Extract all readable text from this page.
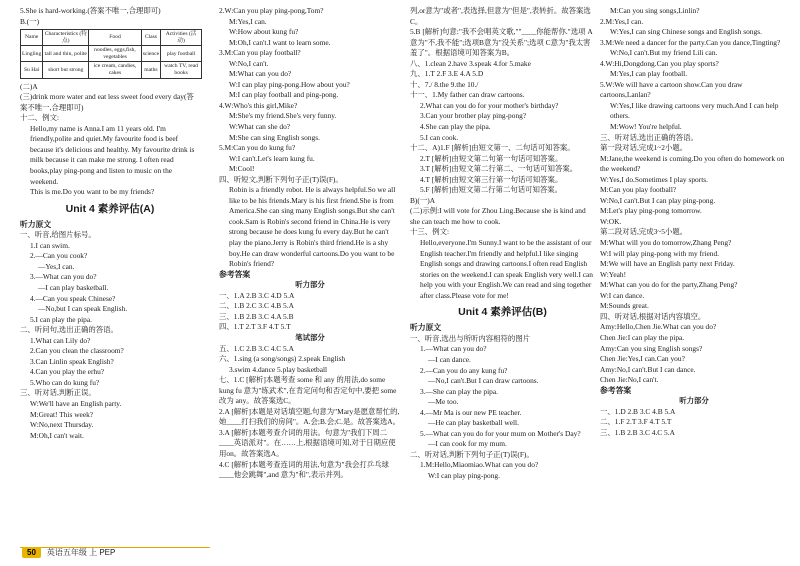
5.She is hard-working.(答案不唯一,合理即可)

B.(一)

Name	Characteristics (特点)	Food	Class	Activities (活动)
Lingling	tall and thin, polite	noodles, eggs,fish, vegetables	science	play football
Su Hai	short but strong	ice cream, candies, cakes	maths	watch TV, read books

(二)A

(三)drink more water and eat less sweet food every day(答案不唯一,合理即可)

十二、例文:

Hello,my name is Anna.I am 11 years old. I'm friendly,polite and quiet.My favourite food is beef because it's delicious and healthy. My favourite drink is milk because it can make me strong. I often read books,play ping-pong and listen to music on the weekend.

This is me.Do you want to be my friends?

Unit 4 素养评估(A)

听力原文

一、听音,给图片标号。

1.I can swim.

2.—Can you cook?

—Yes,I can.

3.—What can you do?

—I can play basketball.

4.—Can you speak Chinese?

—No,but I can speak English.

5.I can play the pipa.

二、听问句,选出正确的答语。

1.What can Lily do?

2.Can you clean the classroom?

3.Can Linlin speak English?

4.Can you play the erhu?

5.Who can do kung fu?

三、听对话,判断正误。

W:We'll have an English party.

M:Great! This week?

W:No,next Thursday.

M:Oh,I can't wait.

2.W:Can you play ping-pong,Tom?

M:Yes,I can.

W:How about kung fu?

M:Oh,I can't.I want to learn some.

3.M:Can you play football?

W:No,I can't.

M:What can you do?

W:I can play ping-pong.How about you?

M:I can play football and ping-pong.

4.W:Who's this girl,Mike?

M:She's my friend.She's very funny.

W:What can she do?

M:She can sing English songs.

5.M:Can you do kung fu?

W:I can't.Let's learn kung fu.

M:Cool!

四、听短文,判断下列句子正(T)误(F)。

Robin is a friendly robot. He is always helpful.So we all like to be his friends.Mary is his first friend.She is from America.She can sing many English songs.But she can't cook.Sam is Robin's second friend in China.He is very strong because he does kung fu every day.But he can't play the piano.Jerry is Robin's third friend.He is a shy boy.He can draw wonderful cartoons.Do you want to be Robin's friend?

参考答案

听力部分

一、1.A 2.B 3.C 4.D 5.A

二、1.B 2.C 3.C 4.B 5.A

三、1.B 2.B 3.C 4.A 5.B

四、1.T 2.T 3.F 4.T 5.T

笔试部分

五、1.C 2.B 3.C 4.C 5.A

六、1.sing (a song/songs) 2.speak English

3.swim 4.dance 5.play basketball

七、1.C [解析]本题考查 some 和 any 的用法,do some kung fu 意为"练武术",在肯定问句和否定句中,要把 some改为 any。故答案选C。

2.A [解析]本题是对话填空题,句意为"Mary是愿意帮忙的,她____打扫我们的房间"。A.会;B.会;C.是。故答案选A。

3.A [解析]本题考查介词的用法。句意为"我们下周二____英语派对"。在……上,根据语境可知,对于日期应使用on。故答案选A。

4.C [解析]本题考查连词的用法,句意为"我会打乒乓球____他会跳舞",and 意为"和",表示并列。

列,or意为"或者",表选择,但意为"但是",表转折。故答案选C。

5.B [解析]句意:"我不会唱英文歌,""____你能帮你."选项 A意为"不,我不能";选项B意为"没关系";选项 C意为"我太害羞了"。根据语境可知答案为B。

八、1.clean 2.have 3.speak 4.for 5.make

九、1.T 2.F 3.E 4.A 5.D

十、7./ 8.the 9.the 10./

十一、1.My father can draw cartoons.

2.What can you do for your mother's birthday?

3.Can your brother play ping-pong?

4.She can play the pipa.

5.I can cook.

十二、A)1.F [解析]由短文第一、二句话可知答案。

2.T [解析]由短文第二句第一句话可知答案。

3.T [解析]由短文第二行第二、一句话可知答案。

4.T [解析]由短文第三行第一句话可知答案。

5.F [解析]由短文第二行第二句话可知答案。

B)(一)A

(二)示例:I will vote for Zhou Ling.Because she is kind and she can teach me how to cook.

十三、例文:

Hello,everyone.I'm Sunny.I want to be the assistant of our English teacher.I'm friendly and helpful.I like singing English songs and drawing cartoons.I often read English stories on the weekend.I can speak English very well.I can help you with your English.We can read and sing together after class.Please vote for me!

Unit 4 素养评估(B)

听力原文

一、听音,选出与所听内容相符的图片

1.—What can you do?

—I can dance.

2.—Can you do any kung fu?

—No,I can't.But I can draw cartoons.

3.—She can play the pipa.

—Me too.

4.—Mr Ma is our new PE teacher.

—He can play basketball well.

5.—What can you do for your mum on Mother's Day?

—I can cook for my mum.

二、听对话,判断下列句子正(T)误(F)。

1.M:Hello,Miaomiao.What can you do?

W:I can play ping-pong.

M:Can you sing songs,Linlin?

2.M:Yes,I can.

W:Yes,I can sing Chinese songs and English songs.

3.M:We need a dancer for the party.Can you dance,Tingting?

W:No,I can't.But my friend Lili can.

4.W:Hi,Dongdong.Can you play sports?

M:Yes,I can play football.

5.W:We will have a cartoon show.Can you draw cartoons,Lanlan?

W:Yes,I like drawing cartoons very much.And I can help others.

M:Wow! You're helpful.

三、听对话,选出正确的答语。

第一段对话,完成1~2小题。

M:Jane,the weekend is coming.Do you often do homework on the weekend?

W:Yes,I do.Sometimes I play sports.

M:Can you play football?

W:No,I can't.But I can play ping-pong.

M:Let's play ping-pong tomorrow.

W:OK.

第二段对话,完成3~5小题。

M:What will you do tomorrow,Zhang Peng?

W:I will play ping-pong with my friend.

M:We will have an English party next Friday.

W:Yeah!

M:What can you do for the party,Zhang Peng?

W:I can dance.

M:Sounds great.

四、听对话,根据对话内容填空。

Amy:Hello,Chen Jie.What can you do?

Chen Jie:I can play the pipa.

Amy:Can you sing English songs?

Chen Jie:Yes,I can.Can you?

Amy:No,I can't.But I can dance.

Chen Jie:No,I can't.

参考答案

听力部分

一、1.D 2.B 3.C 4.B 5.A

二、1.F 2.T 3.F 4.T 5.T

三、1.B 2.B 3.C 4.C 5.A

50	英语五年级 上 PEP
